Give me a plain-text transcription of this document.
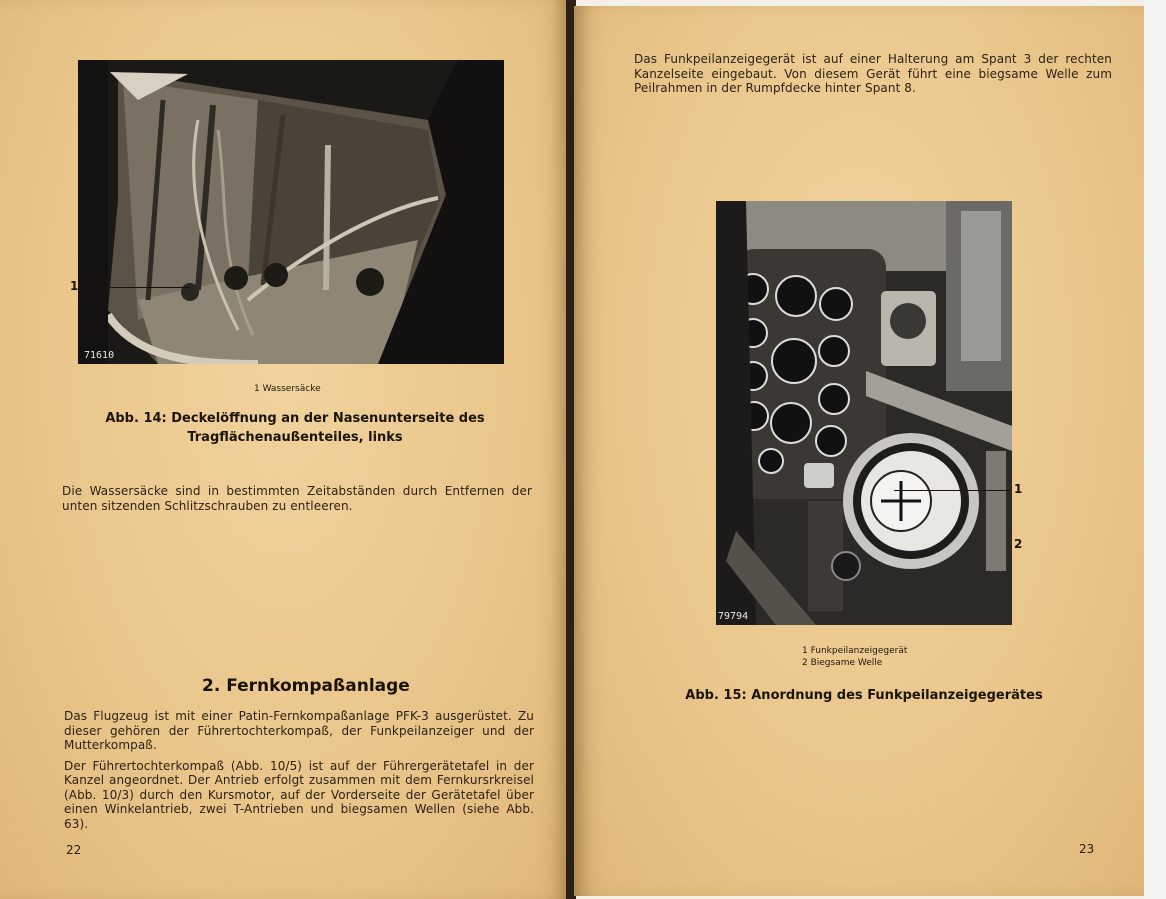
71610
1
1 Wassersäcke
Abb. 14: Deckelöffnung an der Nasenunterseite des
Tragflächenaußenteiles, links

Die Wassersäcke sind in bestimmten Zeitabständen durch Entfernen der unten sitzenden Schlitzschrauben zu entleeren.

2. Fernkompaßanlage

Das Flugzeug ist mit einer Patin-Fernkompaßanlage PFK-3 ausgerüstet. Zu dieser gehören der Führertochterkompaß, der Funkpeilanzeiger und der Mutterkompaß.

Der Führertochterkompaß (Abb. 10/5) ist auf der Führergerätetafel in der Kanzel angeordnet. Der Antrieb erfolgt zusammen mit dem Fernkursrkreisel (Abb. 10/3) durch den Kursmotor, auf der Vorderseite der Gerätetafel über einen Winkelantrieb, zwei T-Antrieben und biegsamen Wellen (siehe Abb. 63).

22

Das Funkpeilanzeigegerät ist auf einer Halterung am Spant 3 der rechten Kanzelseite eingebaut. Von diesem Gerät führt eine biegsame Welle zum Peilrahmen in der Rumpfdecke hinter Spant 8.

79794
1
2
1 Funkpeilanzeigegerät
2 Biegsame Welle
Abb. 15: Anordnung des Funkpeilanzeigegerätes
23
